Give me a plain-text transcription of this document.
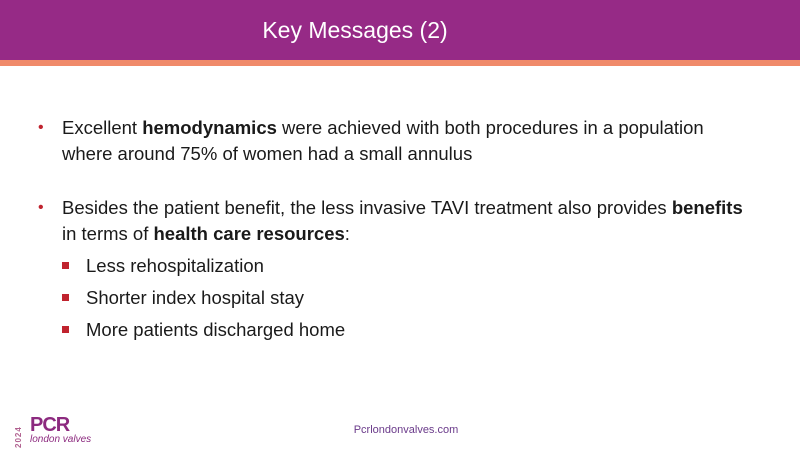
Key Messages (2)
• Excellent hemodynamics were achieved with both procedures in a population where around 75% of women had a small annulus
• Besides the patient benefit, the less invasive TAVI treatment also provides benefits in terms of health care resources:
Less rehospitalization
Shorter index hospital stay
More patients discharged home
2024
PCR
london valves
Pcrlondonvalves.com
